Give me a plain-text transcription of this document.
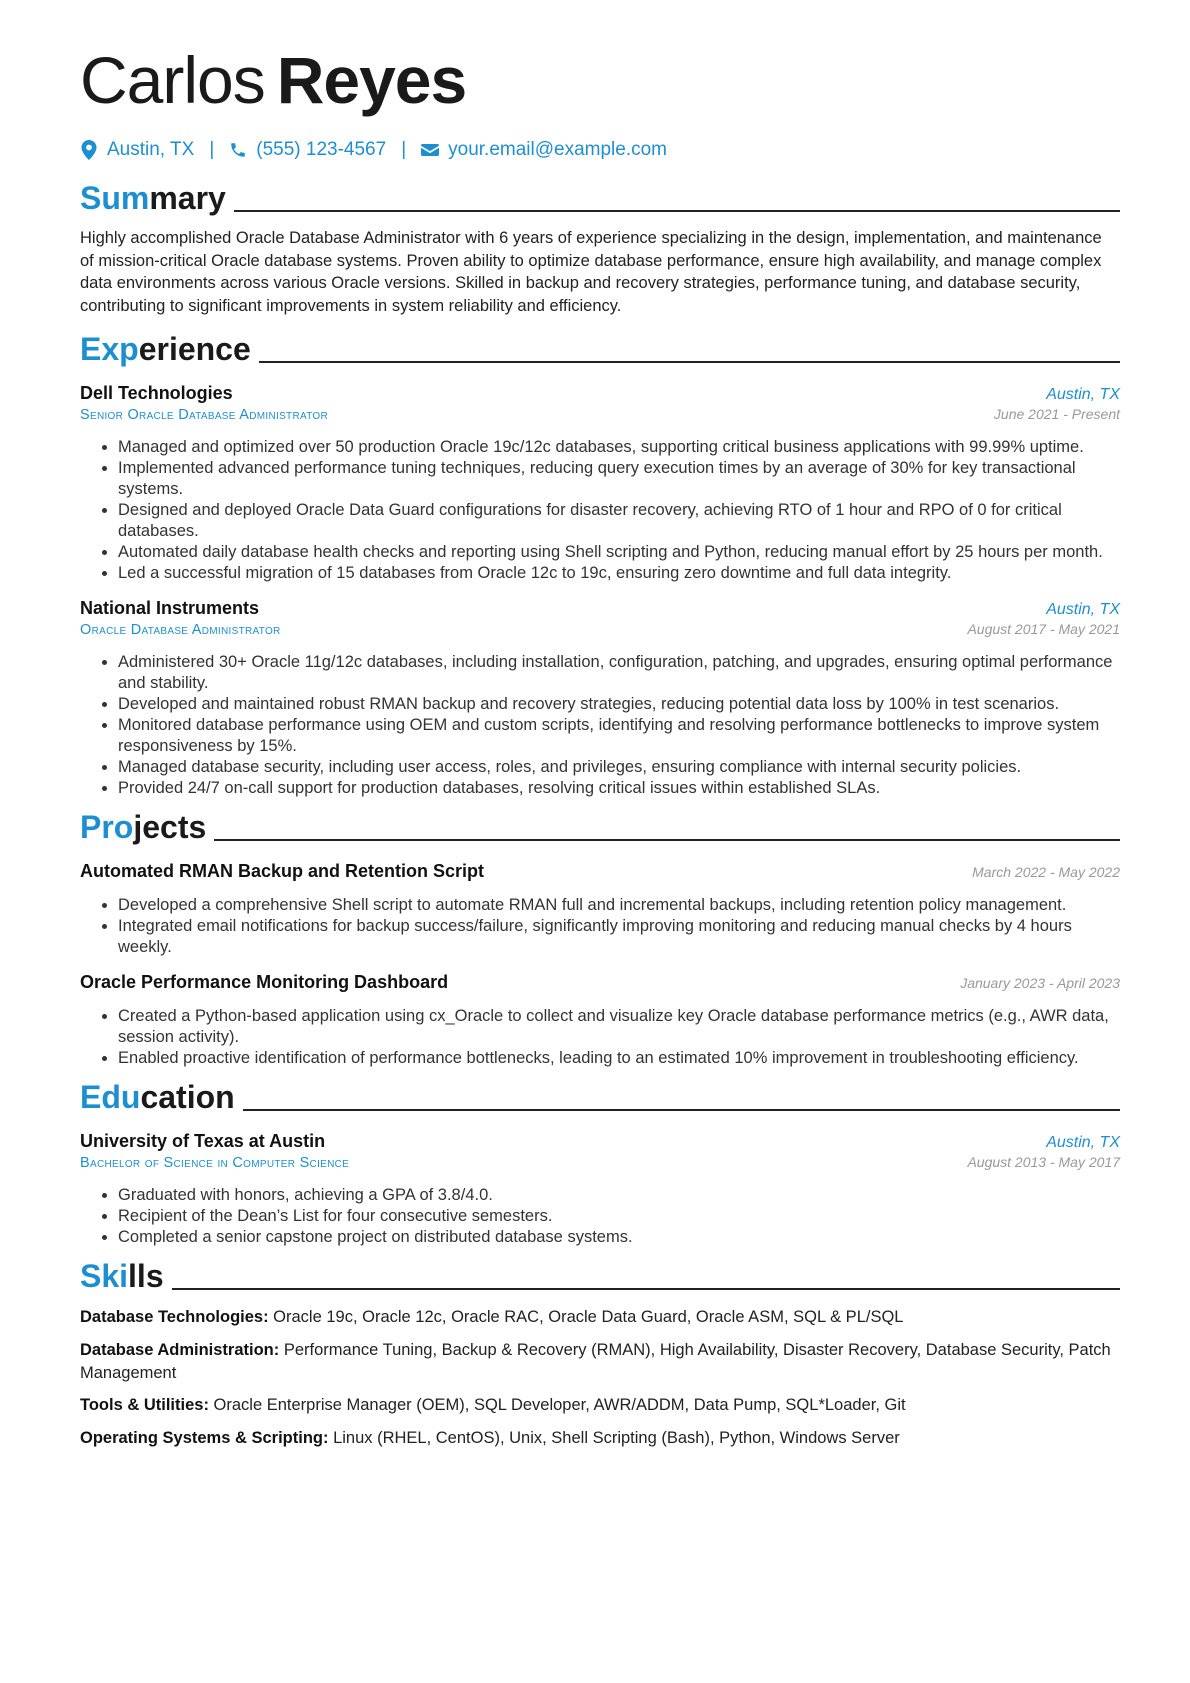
Carlos Reyes
Austin, TX | (555) 123-4567 | your.email@example.com
Summary

Highly accomplished Oracle Database Administrator with 6 years of experience specializing in the design, implementation, and maintenance of mission-critical Oracle database systems. Proven ability to optimize database performance, ensure high availability, and manage complex data environments across various Oracle versions. Skilled in backup and recovery strategies, performance tuning, and database security, contributing to significant improvements in system reliability and efficiency.

Experience
Dell Technologies	Austin, TX
Senior Oracle Database Administrator	June 2021 - Present
• Managed and optimized over 50 production Oracle 19c/12c databases, supporting critical business applications with 99.99% uptime.
• Implemented advanced performance tuning techniques, reducing query execution times by an average of 30% for key transactional systems.
• Designed and deployed Oracle Data Guard configurations for disaster recovery, achieving RTO of 1 hour and RPO of 0 for critical databases.
• Automated daily database health checks and reporting using Shell scripting and Python, reducing manual effort by 25 hours per month.
• Led a successful migration of 15 databases from Oracle 12c to 19c, ensuring zero downtime and full data integrity.
National Instruments	Austin, TX
Oracle Database Administrator	August 2017 - May 2021
• Administered 30+ Oracle 11g/12c databases, including installation, configuration, patching, and upgrades, ensuring optimal performance and stability.
• Developed and maintained robust RMAN backup and recovery strategies, reducing potential data loss by 100% in test scenarios.
• Monitored database performance using OEM and custom scripts, identifying and resolving performance bottlenecks to improve system responsiveness by 15%.
• Managed database security, including user access, roles, and privileges, ensuring compliance with internal security policies.
• Provided 24/7 on-call support for production databases, resolving critical issues within established SLAs.
Projects
Automated RMAN Backup and Retention Script	March 2022 - May 2022
• Developed a comprehensive Shell script to automate RMAN full and incremental backups, including retention policy management.
• Integrated email notifications for backup success/failure, significantly improving monitoring and reducing manual checks by 4 hours weekly.
Oracle Performance Monitoring Dashboard	January 2023 - April 2023
• Created a Python-based application using cx_Oracle to collect and visualize key Oracle database performance metrics (e.g., AWR data, session activity).
• Enabled proactive identification of performance bottlenecks, leading to an estimated 10% improvement in troubleshooting efficiency.
Education
University of Texas at Austin	Austin, TX
Bachelor of Science in Computer Science	August 2013 - May 2017
• Graduated with honors, achieving a GPA of 3.8/4.0.
• Recipient of the Dean’s List for four consecutive semesters.
• Completed a senior capstone project on distributed database systems.
Skills
Database Technologies: Oracle 19c, Oracle 12c, Oracle RAC, Oracle Data Guard, Oracle ASM, SQL & PL/SQL
Database Administration: Performance Tuning, Backup & Recovery (RMAN), High Availability, Disaster Recovery, Database Security, Patch Management
Tools & Utilities: Oracle Enterprise Manager (OEM), SQL Developer, AWR/ADDM, Data Pump, SQL*Loader, Git
Operating Systems & Scripting: Linux (RHEL, CentOS), Unix, Shell Scripting (Bash), Python, Windows Server
